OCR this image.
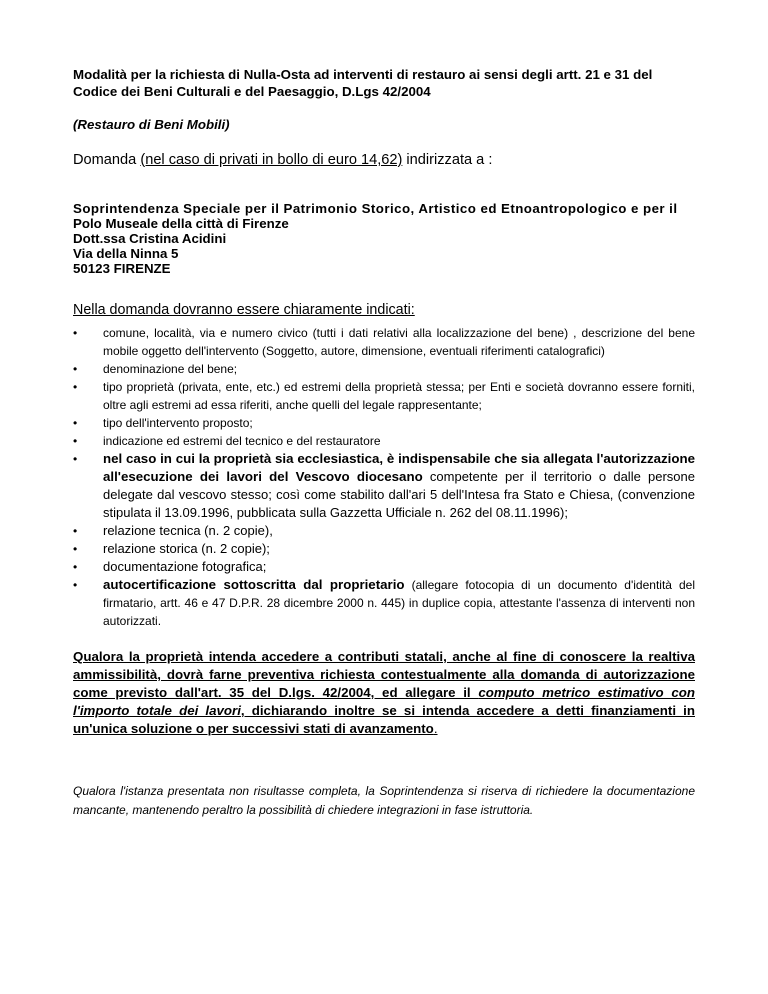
Modalità per la richiesta di Nulla-Osta ad interventi di restauro ai sensi degli artt. 21 e 31 del Codice dei Beni Culturali e del Paesaggio, D.Lgs 42/2004

(Restauro di Beni Mobili)

Domanda (nel caso di privati in bollo di euro 14,62) indirizzata a :

Soprintendenza Speciale per il Patrimonio Storico, Artistico ed Etnoantropologico e per il
Polo Museale della città di Firenze
Dott.ssa Cristina Acidini
Via della Ninna 5
50123 FIRENZE

Nella domanda dovranno essere chiaramente indicati:

• comune, località, via e numero civico (tutti i dati relativi alla localizzazione del bene) , descrizione del bene mobile oggetto dell'intervento (Soggetto, autore, dimensione, eventuali riferimenti catalografici)
• denominazione del bene;
• tipo proprietà (privata, ente, etc.) ed estremi della proprietà stessa; per Enti e società dovranno essere forniti, oltre agli estremi ad essa riferiti, anche quelli del legale rappresentante;
• tipo dell'intervento proposto;
• indicazione ed estremi del tecnico e del restauratore
• nel caso in cui la proprietà sia ecclesiastica, è indispensabile che sia allegata l'autorizzazione all'esecuzione dei lavori del Vescovo diocesano competente per il territorio o dalle persone delegate dal vescovo stesso; così come stabilito dall'ari 5 dell'Intesa fra Stato e Chiesa, (convenzione stipulata il 13.09.1996, pubblicata sulla Gazzetta Ufficiale n. 262 del 08.11.1996);
• relazione tecnica (n. 2 copie),
• relazione storica (n. 2 copie);
• documentazione fotografica;
• autocertificazione sottoscritta dal proprietario (allegare fotocopia di un documento d'identità del firmatario, artt. 46 e 47 D.P.R. 28 dicembre 2000 n. 445) in duplice copia, attestante l'assenza di interventi non autorizzati.

Qualora la proprietà intenda accedere a contributi statali, anche al fine di conoscere la realtiva ammissibilità, dovrà farne preventiva richiesta contestualmente alla domanda di autorizzazione come previsto dall'art. 35 del D.lgs. 42/2004, ed allegare il computo metrico estimativo con l'importo totale dei lavori, dichiarando inoltre se si intenda accedere a detti finanziamenti in un'unica soluzione o per successivi stati di avanzamento.

Qualora l'istanza presentata non risultasse completa, la Soprintendenza si riserva di richiedere la documentazione mancante, mantenendo peraltro la possibilità di chiedere integrazioni in fase istruttoria.
